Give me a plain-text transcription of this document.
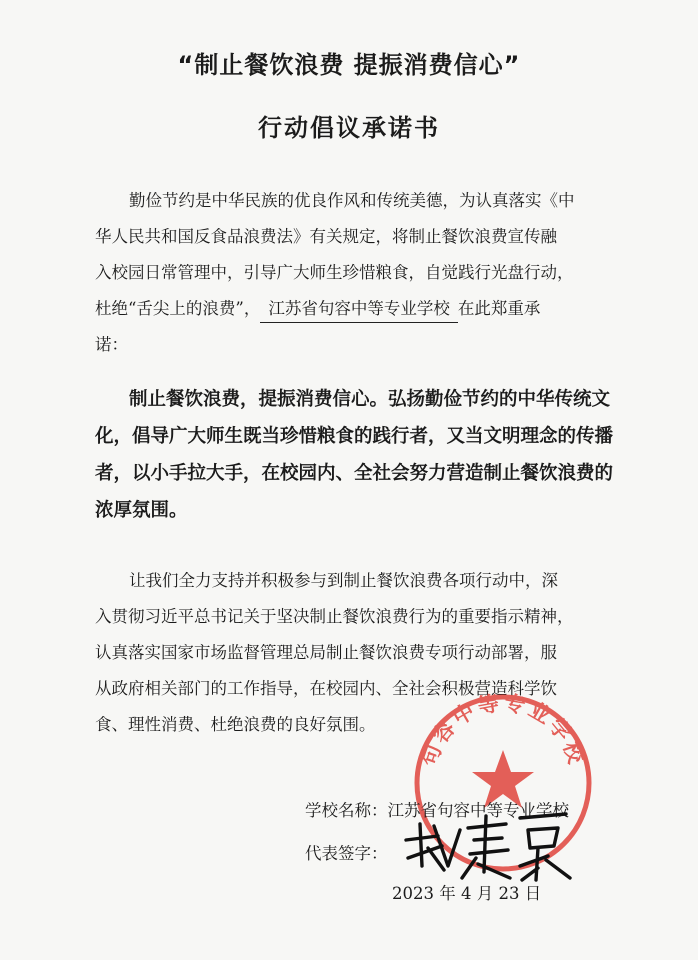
“制止餐饮浪费 提振消费信心”
行动倡议承诺书
勤俭节约是中华民族的优良作风和传统美德，为认真落实《中
华人民共和国反食品浪费法》有关规定，将制止餐饮浪费宣传融
入校园日常管理中，引导广大师生珍惜粮食，自觉践行光盘行动，
杜绝“舌尖上的浪费”， 江苏省句容中等专业学校 在此郑重承
诺：
制止餐饮浪费，提振消费信心。弘扬勤俭节约的中华传统文
化，倡导广大师生既当珍惜粮食的践行者，又当文明理念的传播
者，以小手拉大手，在校园内、全社会努力营造制止餐饮浪费的
浓厚氛围。
让我们全力支持并积极参与到制止餐饮浪费各项行动中，深
入贯彻习近平总书记关于坚决制止餐饮浪费行为的重要指示精神，
认真落实国家市场监督管理总局制止餐饮浪费专项行动部署，服
从政府相关部门的工作指导，在校园内、全社会积极营造科学饮
食、理性消费、杜绝浪费的良好氛围。
句容中等专业学校
学校名称：江苏省句容中等专业学校
代表签字：
2023 年 4 月 23 日
